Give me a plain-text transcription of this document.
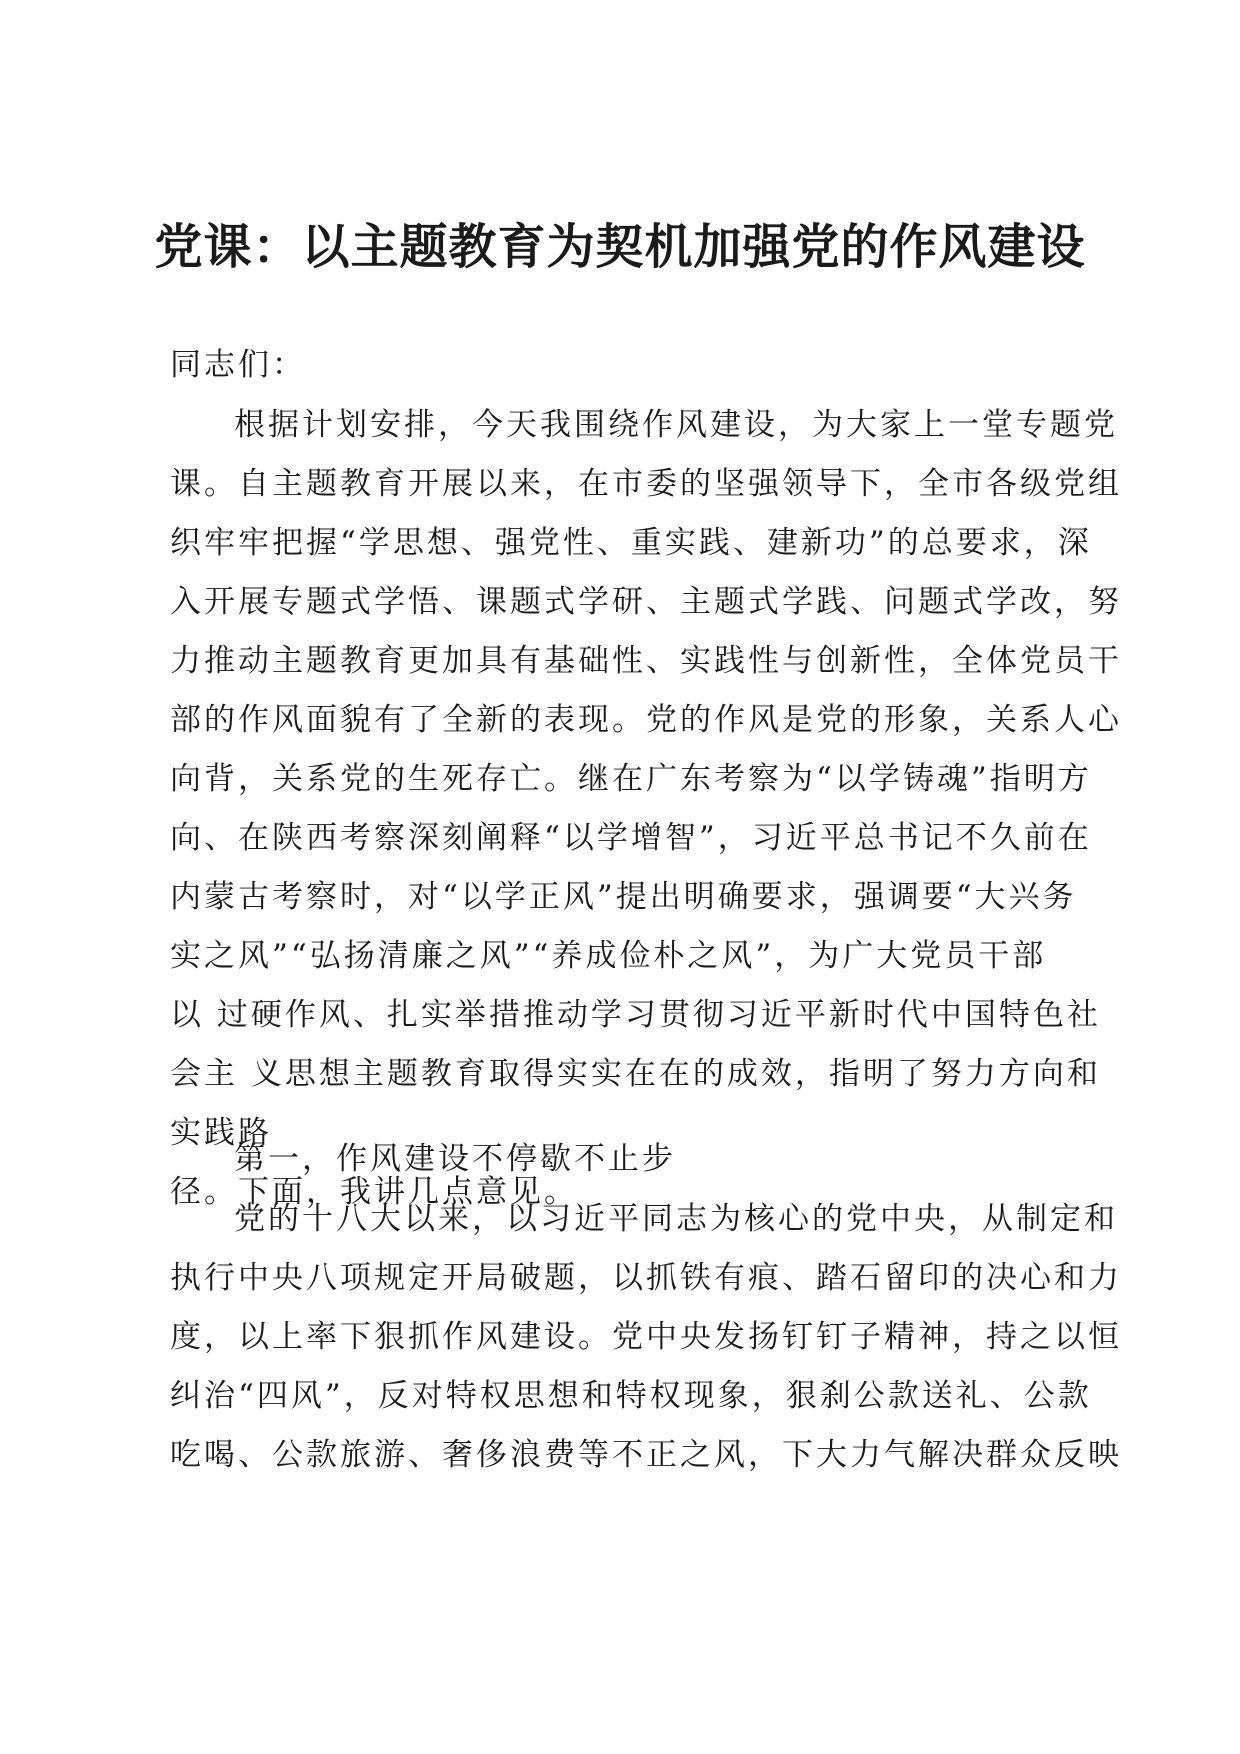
党课：以主题教育为契机加强党的作风建设
同志们：
根据计划安排，今天我围绕作风建设，为大家上一堂专题党
课。自主题教育开展以来，在市委的坚强领导下，全市各级党组
织牢牢把握“学思想、强党性、重实践、建新功”的总要求，深
入开展专题式学悟、课题式学研、主题式学践、问题式学改，努
力推动主题教育更加具有基础性、实践性与创新性，全体党员干
部的作风面貌有了全新的表现。党的作风是党的形象，关系人心
向背，关系党的生死存亡。继在广东考察为“以学铸魂”指明方
向、在陕西考察深刻阐释“以学增智”，习近平总书记不久前在
内蒙古考察时，对“以学正风”提出明确要求，强调要“大兴务
实之风”“弘扬清廉之风”“养成俭朴之风”，为广大党员干部
以 过硬作风、扎实举措推动学习贯彻习近平新时代中国特色社
会主 义思想主题教育取得实实在在的成效，指明了努力方向和
实践路
径。下面，我讲几点意见。
第一，作风建设不停歇不止步
党的十八大以来，以习近平同志为核心的党中央，从制定和
执行中央八项规定开局破题，以抓铁有痕、踏石留印的决心和力
度，以上率下狠抓作风建设。党中央发扬钉钉子精神，持之以恒
纠治“四风”，反对特权思想和特权现象，狠刹公款送礼、公款
吃喝、公款旅游、奢侈浪费等不正之风，下大力气解决群众反映
